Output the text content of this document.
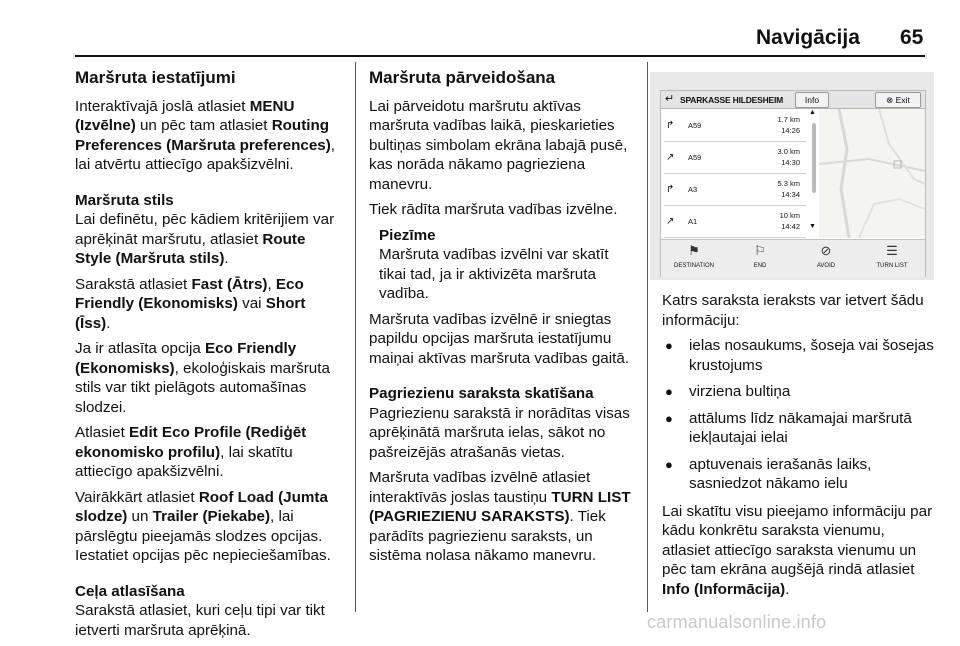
Navigācija 65
Maršruta iestatījumi

Interaktīvajā joslā atlasiet MENU (Izvēlne) un pēc tam atlasiet Routing Preferences (Maršruta preferences), lai atvērtu attiecīgo apakšizvēlni.

Maršruta stils

Lai definētu, pēc kādiem kritērijiem var aprēķināt maršrutu, atlasiet Route Style (Maršruta stils).

Sarakstā atlasiet Fast (Ātrs), Eco Friendly (Ekonomisks) vai Short (Īss).

Ja ir atlasīta opcija Eco Friendly (Ekonomisks), ekoloģiskais maršruta stils var tikt pielāgots automašīnas slodzei.

Atlasiet Edit Eco Profile (Rediģēt ekonomisko profilu), lai skatītu attiecīgo apakšizvēlni.

Vairākkārt atlasiet Roof Load (Jumta slodze) un Trailer (Piekabe), lai pārslēgtu pieejamās slodzes opcijas. Iestatiet opcijas pēc nepieciešamības.

Ceļa atlasīšana

Sarakstā atlasiet, kuri ceļu tipi var tikt ietverti maršruta aprēķinā.

Maršruta pārveidošana

Lai pārveidotu maršrutu aktīvas maršruta vadības laikā, pieskarieties bultiņas simbolam ekrāna labajā pusē, kas norāda nākamo pagrieziena manevru.

Tiek rādīta maršruta vadības izvēlne.

Piezīme

Maršruta vadības izvēlni var skatīt tikai tad, ja ir aktivizēta maršruta vadība.

Maršruta vadības izvēlnē ir sniegtas papildu opcijas maršruta iestatījumu maiņai aktīvas maršruta vadības gaitā.

Pagriezienu saraksta skatīšana

Pagriezienu sarakstā ir norādītas visas aprēķinātā maršruta ielas, sākot no pašreizējās atrašanās vietas.

Maršruta vadības izvēlnē atlasiet interaktīvās joslas taustiņu TURN LIST (PAGRIEZIENU SARAKSTS). Tiek parādīts pagriezienu saraksts, un sistēma nolasa nākamo manevru.

↵ SPARKASSE HILDESHEIM	Info	⊗ Exit
↱ A59
1.7 km
14:26
↗ A59
3.0 km
14:30
↱ A3
5.3 km
14:34
↗ A1
10 km
14:42
▲
▼
⚑
DESTINATION
⚐
END
⊘
AVOID
☰
TURN LIST

Katrs saraksta ieraksts var ietvert šādu informāciju:

● ielas nosaukums, šoseja vai šosejas krustojums
● virziena bultiņa
● attālums līdz nākamajai maršrutā iekļautajai ielai
● aptuvenais ierašanās laiks, sasniedzot nākamo ielu

Lai skatītu visu pieejamo informāciju par kādu konkrētu saraksta vienumu, atlasiet attiecīgo saraksta vienumu un pēc tam ekrāna augšējā rindā atlasiet Info (Informācija).

carmanualsonline.info
